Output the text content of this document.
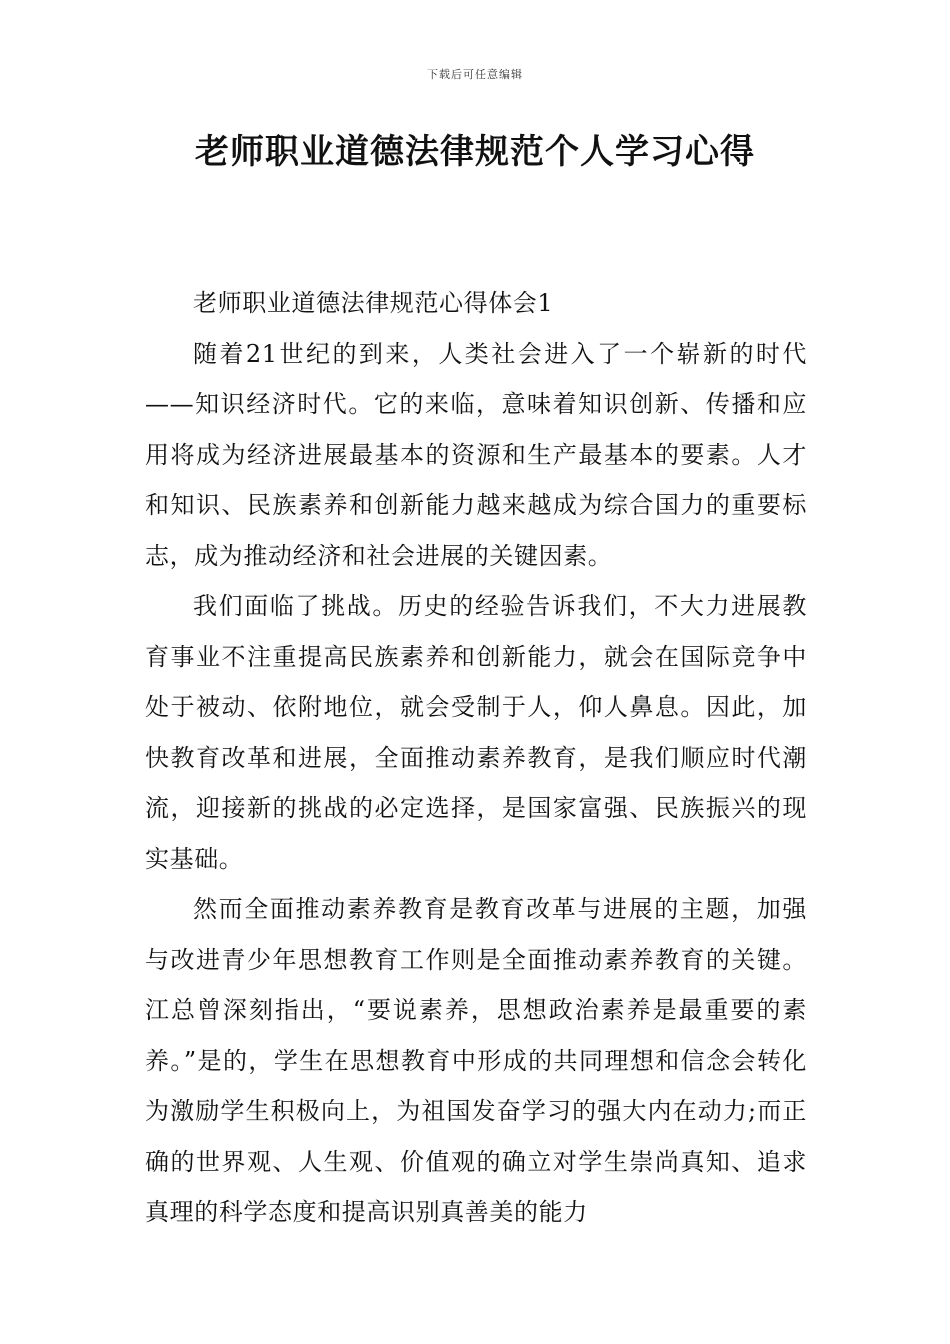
下载后可任意编辑
老师职业道德法律规范个人学习心得

老师职业道德法律规范心得体会1

随着21世纪的到来，人类社会进入了一个崭新的时代——知识经济时代。它的来临，意味着知识创新、传播和应用将成为经济进展最基本的资源和生产最基本的要素。人才和知识、民族素养和创新能力越来越成为综合国力的重要标志，成为推动经济和社会进展的关键因素。

我们面临了挑战。历史的经验告诉我们，不大力进展教育事业不注重提高民族素养和创新能力，就会在国际竞争中处于被动、依附地位，就会受制于人，仰人鼻息。因此，加快教育改革和进展，全面推动素养教育，是我们顺应时代潮流，迎接新的挑战的必定选择，是国家富强、民族振兴的现实基础。

然而全面推动素养教育是教育改革与进展的主题，加强与改进青少年思想教育工作则是全面推动素养教育的关键。江总曾深刻指出，“要说素养，思想政治素养是最重要的素养。”是的，学生在思想教育中形成的共同理想和信念会转化为激励学生积极向上，为祖国发奋学习的强大内在动力;而正确的世界观、人生观、价值观的确立对学生崇尚真知、追求真理的科学态度和提高识别真善美的能力
